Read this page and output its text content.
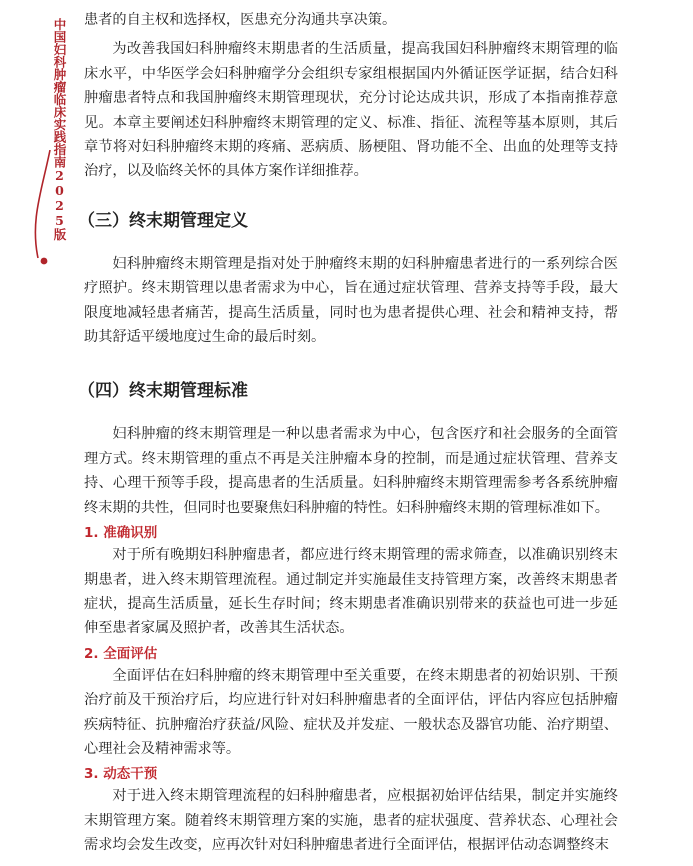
中国妇科肿瘤临床实践指南2025版 患者的自主权和选择权，医患充分沟通共享决策。

为改善我国妇科肿瘤终末期患者的生活质量，提高我国妇科肿瘤终末期管理的临床水平，中华医学会妇科肿瘤学分会组织专家组根据国内外循证医学证据，结合妇科肿瘤患者特点和我国肿瘤终末期管理现状，充分讨论达成共识，形成了本指南推荐意见。本章主要阐述妇科肿瘤终末期管理的定义、标准、指征、流程等基本原则，其后章节将对妇科肿瘤终末期的疼痛、恶病质、肠梗阻、肾功能不全、出血的处理等支持治疗，以及临终关怀的具体方案作详细推荐。

（三）终末期管理定义

妇科肿瘤终末期管理是指对处于肿瘤终末期的妇科肿瘤患者进行的一系列综合医疗照护。终末期管理以患者需求为中心，旨在通过症状管理、营养支持等手段，最大限度地减轻患者痛苦，提高生活质量，同时也为患者提供心理、社会和精神支持，帮助其舒适平缓地度过生命的最后时刻。

（四）终末期管理标准

妇科肿瘤的终末期管理是一种以患者需求为中心，包含医疗和社会服务的全面管理方式。终末期管理的重点不再是关注肿瘤本身的控制，而是通过症状管理、营养支持、心理干预等手段，提高患者的生活质量。妇科肿瘤终末期管理需参考各系统肿瘤终末期的共性，但同时也要聚焦妇科肿瘤的特性。妇科肿瘤终末期的管理标准如下。

1. 准确识别

对于所有晚期妇科肿瘤患者，都应进行终末期管理的需求筛查，以准确识别终末期患者，进入终末期管理流程。通过制定并实施最佳支持管理方案，改善终末期患者症状，提高生活质量，延长生存时间；终末期患者准确识别带来的获益也可进一步延伸至患者家属及照护者，改善其生活状态。

2. 全面评估

全面评估在妇科肿瘤的终末期管理中至关重要，在终末期患者的初始识别、干预治疗前及干预治疗后，均应进行针对妇科肿瘤患者的全面评估，评估内容应包括肿瘤疾病特征、抗肿瘤治疗获益/风险、症状及并发症、一般状态及器官功能、治疗期望、心理社会及精神需求等。

3. 动态干预

对于进入终末期管理流程的妇科肿瘤患者，应根据初始评估结果，制定并实施终末期管理方案。随着终末期管理方案的实施，患者的症状强度、营养状态、心理社会需求均会发生改变，应再次针对妇科肿瘤患者进行全面评估，根据评估动态调整终末
